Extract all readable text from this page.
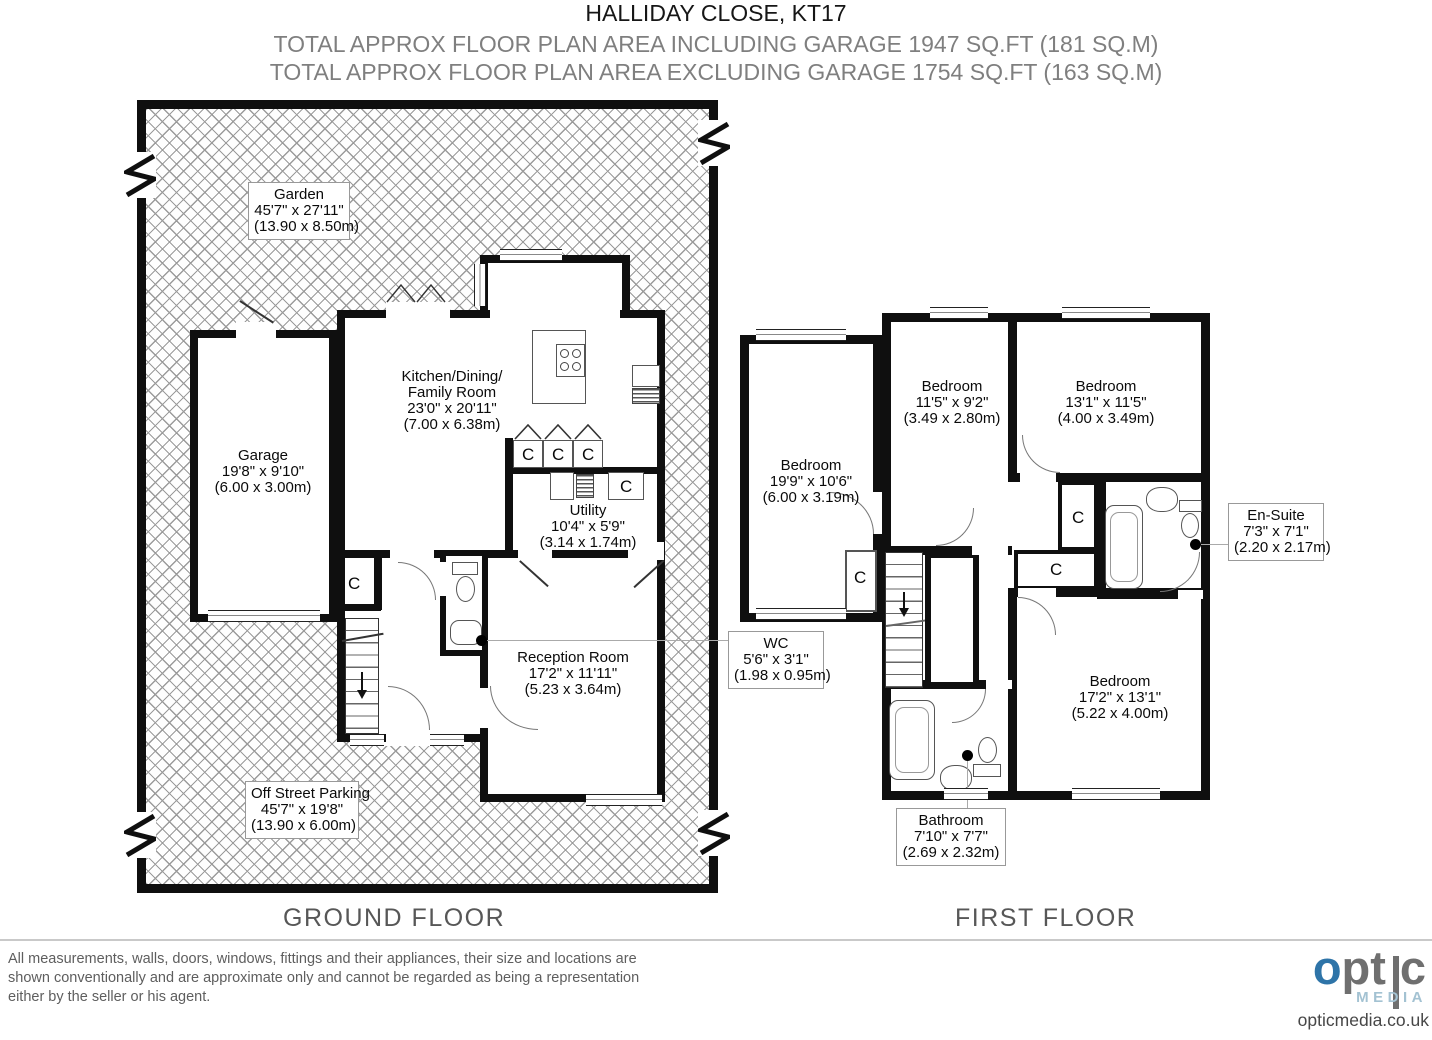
HALLIDAY CLOSE, KT17
TOTAL APPROX FLOOR PLAN AREA INCLUDING GARAGE 1947 SQ.FT (181 SQ.M)
TOTAL APPROX FLOOR PLAN AREA EXCLUDING GARAGE 1754 SQ.FT (163 SQ.M)
C C C
C
C
Garden
45'7" x 27'11"
(13.90 x 8.50m)
Garage
19'8" x 9'10"
(6.00 x 3.00m)
Kitchen/Dining/
Family Room
23'0" x 20'11"
(7.00 x 6.38m)
Utility
10'4" x 5'9"
(3.14 x 1.74m)
Reception Room
17'2" x 11'11"
(5.23 x 3.64m)
Off Street Parking
45'7" x 19'8"
(13.90 x 6.00m)
WC
5'6" x 3'1"
(1.98 x 0.95m)
GROUND FLOOR
C	C
C
Bedroom
19'9" x 10'6"
(6.00 x 3.19m)
Bedroom
11'5" x 9'2"
(3.49 x 2.80m)
Bedroom
13'1" x 11'5"
(4.00 x 3.49m)
Bedroom
17'2" x 13'1"
(5.22 x 4.00m)
En-Suite
7'3" x 7'1"
(2.20 x 2.17m)
Bathroom
7'10" x 7'7"
(2.69 x 2.32m)
FIRST FLOOR
All measurements, walls, doors, windows, fittings and their appliances, their size and locations are
shown conventionally and are approximate only and cannot be regarded as being a representation
either by the seller or his agent.
opt  c
MEDIA
opticmedia.co.uk
